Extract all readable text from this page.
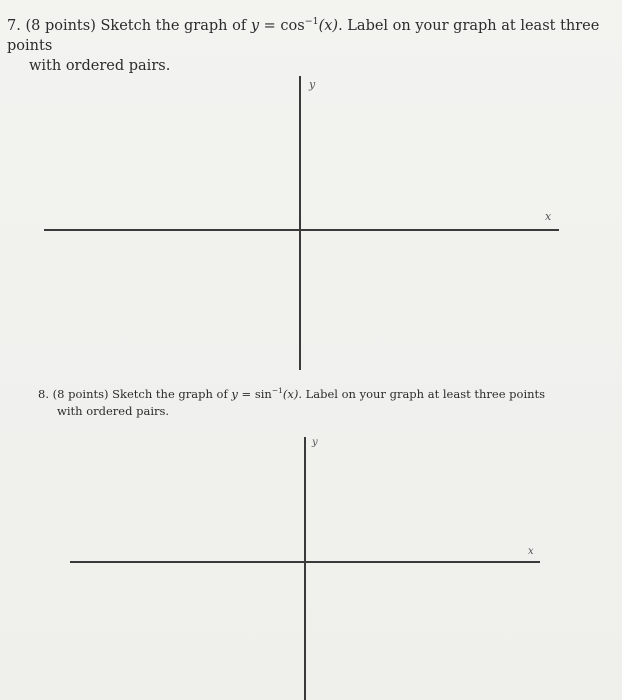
7. (8 points) Sketch the graph of $y = \cos^{-1}(x)$. Label on your graph at least three points
with ordered pairs.
y
x
8. (8 points) Sketch the graph of $y = \sin^{-1}(x)$. Label on your graph at least three points
with ordered pairs.
y
x
